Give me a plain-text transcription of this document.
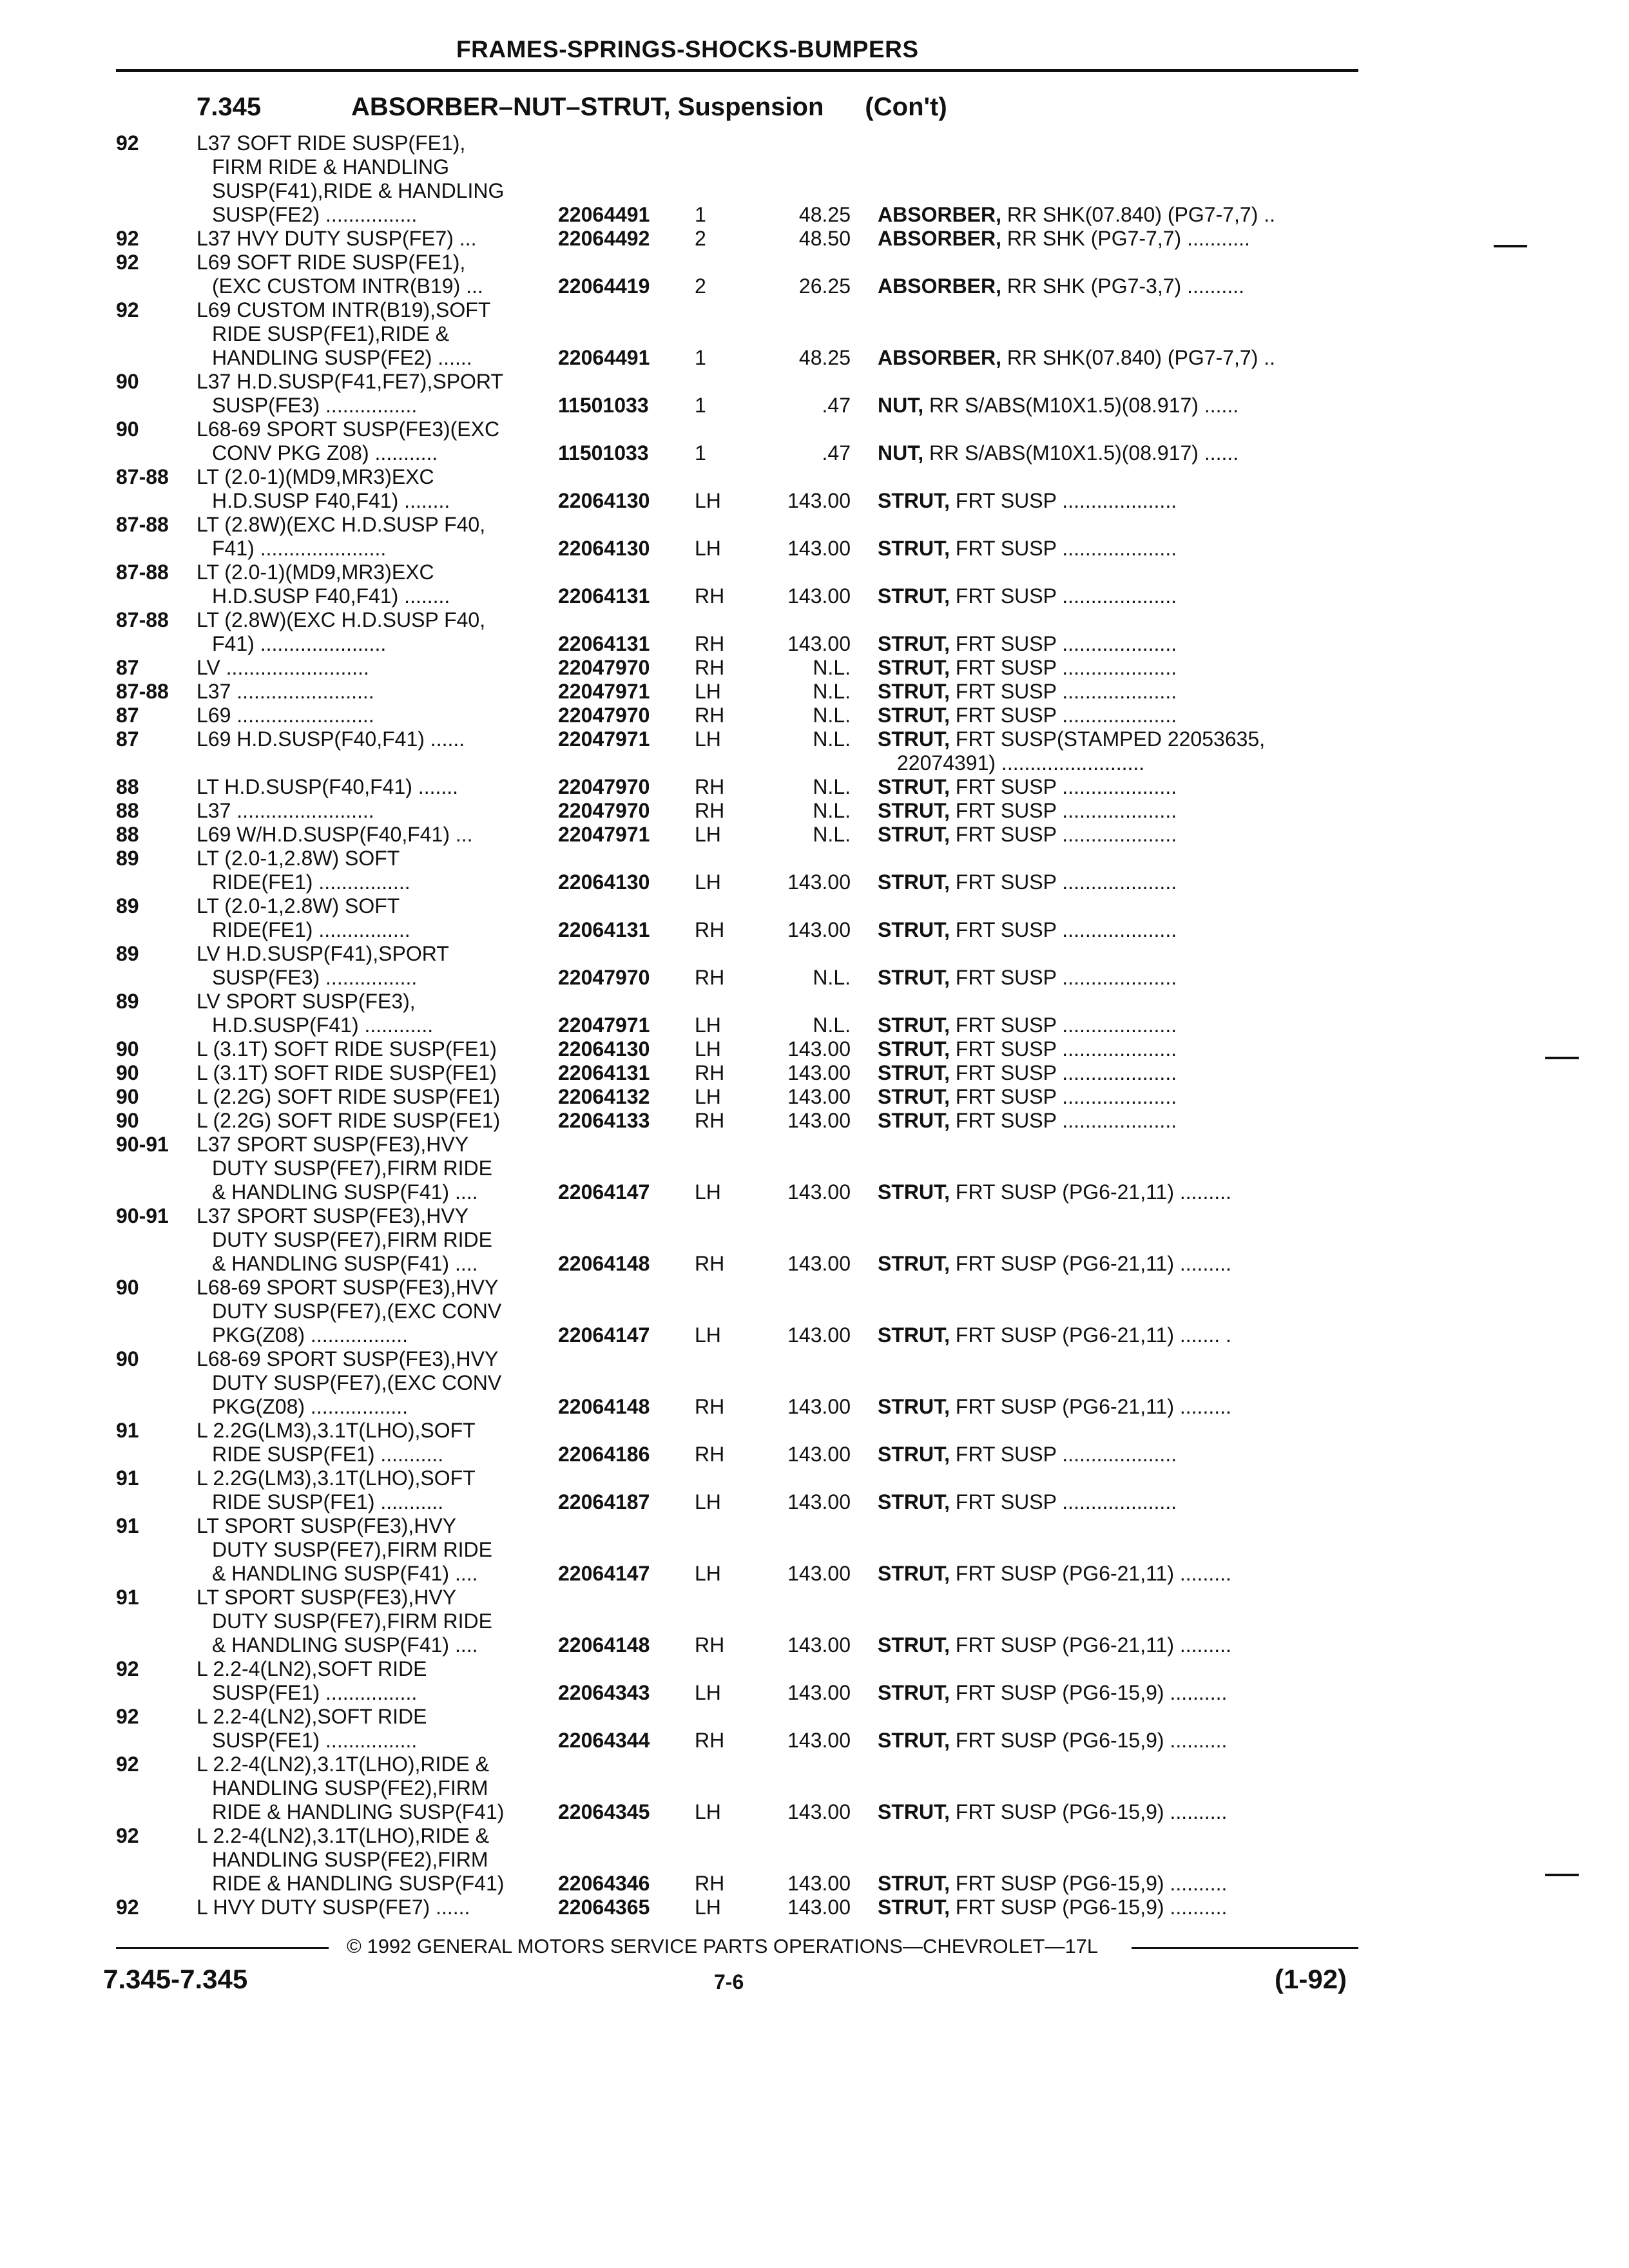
FRAMES-SPRINGS-SHOCKS-BUMPERS
7.345	ABSORBER–NUT–STRUT, Suspension (Con't)
92	L37 SOFT RIDE SUSP(FE1),
FIRM RIDE & HANDLING
SUSP(F41),RIDE & HANDLING
SUSP(FE2) ................	22064491	1	48.25 ABSORBER, RR SHK(07.840) (PG7-7,7) ..
92	L37 HVY DUTY SUSP(FE7) ...	22064492	2	48.50 ABSORBER, RR SHK (PG7-7,7) ...........
92	L69 SOFT RIDE SUSP(FE1),
(EXC CUSTOM INTR(B19) ...	22064419	2	26.25 ABSORBER, RR SHK (PG7-3,7) ..........
92	L69 CUSTOM INTR(B19),SOFT
RIDE SUSP(FE1),RIDE &
HANDLING SUSP(FE2) ......	22064491	1	48.25 ABSORBER, RR SHK(07.840) (PG7-7,7) ..
90	L37 H.D.SUSP(F41,FE7),SPORT
SUSP(FE3) ................	11501033	1	.47 NUT, RR S/ABS(M10X1.5)(08.917) ......
90	L68-69 SPORT SUSP(FE3)(EXC
CONV PKG Z08) ...........	11501033	1	.47 NUT, RR S/ABS(M10X1.5)(08.917) ......
87-88	LT (2.0-1)(MD9,MR3)EXC
H.D.SUSP F40,F41) ........	22064130	LH	143.00 STRUT, FRT SUSP ....................
87-88	LT (2.8W)(EXC H.D.SUSP F40,
F41) ......................	22064130	LH	143.00 STRUT, FRT SUSP ....................
87-88	LT (2.0-1)(MD9,MR3)EXC
H.D.SUSP F40,F41) ........	22064131	RH	143.00 STRUT, FRT SUSP ....................
87-88	LT (2.8W)(EXC H.D.SUSP F40,
F41) ......................	22064131	RH	143.00 STRUT, FRT SUSP ....................
87	LV .........................	22047970	RH	N.L. STRUT, FRT SUSP ....................
87-88	L37 ........................	22047971	LH	N.L. STRUT, FRT SUSP ....................
87	L69 ........................	22047970	RH	N.L. STRUT, FRT SUSP ....................
87	L69 H.D.SUSP(F40,F41) ......	22047971	LH	N.L. STRUT, FRT SUSP(STAMPED 22053635,
22074391) .........................
88	LT H.D.SUSP(F40,F41) .......	22047970	RH	N.L. STRUT, FRT SUSP ....................
88	L37 ........................	22047970	RH	N.L. STRUT, FRT SUSP ....................
88	L69 W/H.D.SUSP(F40,F41) ...	22047971	LH	N.L. STRUT, FRT SUSP ....................
89	LT (2.0-1,2.8W) SOFT
RIDE(FE1) ................	22064130	LH	143.00 STRUT, FRT SUSP ....................
89	LT (2.0-1,2.8W) SOFT
RIDE(FE1) ................	22064131	RH	143.00 STRUT, FRT SUSP ....................
89	LV H.D.SUSP(F41),SPORT
SUSP(FE3) ................	22047970	RH	N.L. STRUT, FRT SUSP ....................
89	LV SPORT SUSP(FE3),
H.D.SUSP(F41) ............	22047971	LH	N.L. STRUT, FRT SUSP ....................
90	L (3.1T) SOFT RIDE SUSP(FE1)	22064130	LH	143.00 STRUT, FRT SUSP ....................
90	L (3.1T) SOFT RIDE SUSP(FE1)	22064131	RH	143.00 STRUT, FRT SUSP ....................
90	L (2.2G) SOFT RIDE SUSP(FE1)	22064132	LH	143.00 STRUT, FRT SUSP ....................
90	L (2.2G) SOFT RIDE SUSP(FE1)	22064133	RH	143.00 STRUT, FRT SUSP ....................
90-91	L37 SPORT SUSP(FE3),HVY
DUTY SUSP(FE7),FIRM RIDE
& HANDLING SUSP(F41) ....	22064147	LH	143.00 STRUT, FRT SUSP (PG6-21,11) .........
90-91	L37 SPORT SUSP(FE3),HVY
DUTY SUSP(FE7),FIRM RIDE
& HANDLING SUSP(F41) ....	22064148	RH	143.00 STRUT, FRT SUSP (PG6-21,11) .........
90	L68-69 SPORT SUSP(FE3),HVY
DUTY SUSP(FE7),(EXC CONV
PKG(Z08) .................	22064147	LH	143.00 STRUT, FRT SUSP (PG6-21,11) ....... .
90	L68-69 SPORT SUSP(FE3),HVY
DUTY SUSP(FE7),(EXC CONV
PKG(Z08) .................	22064148	RH	143.00 STRUT, FRT SUSP (PG6-21,11) .........
91	L 2.2G(LM3),3.1T(LHO),SOFT
RIDE SUSP(FE1) ...........	22064186	RH	143.00 STRUT, FRT SUSP ....................
91	L 2.2G(LM3),3.1T(LHO),SOFT
RIDE SUSP(FE1) ...........	22064187	LH	143.00 STRUT, FRT SUSP ....................
91	LT SPORT SUSP(FE3),HVY
DUTY SUSP(FE7),FIRM RIDE
& HANDLING SUSP(F41) ....	22064147	LH	143.00 STRUT, FRT SUSP (PG6-21,11) .........
91	LT SPORT SUSP(FE3),HVY
DUTY SUSP(FE7),FIRM RIDE
& HANDLING SUSP(F41) ....	22064148	RH	143.00 STRUT, FRT SUSP (PG6-21,11) .........
92	L 2.2-4(LN2),SOFT RIDE
SUSP(FE1) ................	22064343	LH	143.00 STRUT, FRT SUSP (PG6-15,9) ..........
92	L 2.2-4(LN2),SOFT RIDE
SUSP(FE1) ................	22064344	RH	143.00 STRUT, FRT SUSP (PG6-15,9) ..........
92	L 2.2-4(LN2),3.1T(LHO),RIDE &
HANDLING SUSP(FE2),FIRM
RIDE & HANDLING SUSP(F41)	22064345	LH	143.00 STRUT, FRT SUSP (PG6-15,9) ..........
92	L 2.2-4(LN2),3.1T(LHO),RIDE &
HANDLING SUSP(FE2),FIRM
RIDE & HANDLING SUSP(F41)	22064346	RH	143.00 STRUT, FRT SUSP (PG6-15,9) ..........
92	L HVY DUTY SUSP(FE7) ......	22064365	LH	143.00 STRUT, FRT SUSP (PG6-15,9) ..........
© 1992 GENERAL MOTORS SERVICE PARTS OPERATIONS—CHEVROLET—17L
7.345-7.345	7-6	(1-92)
